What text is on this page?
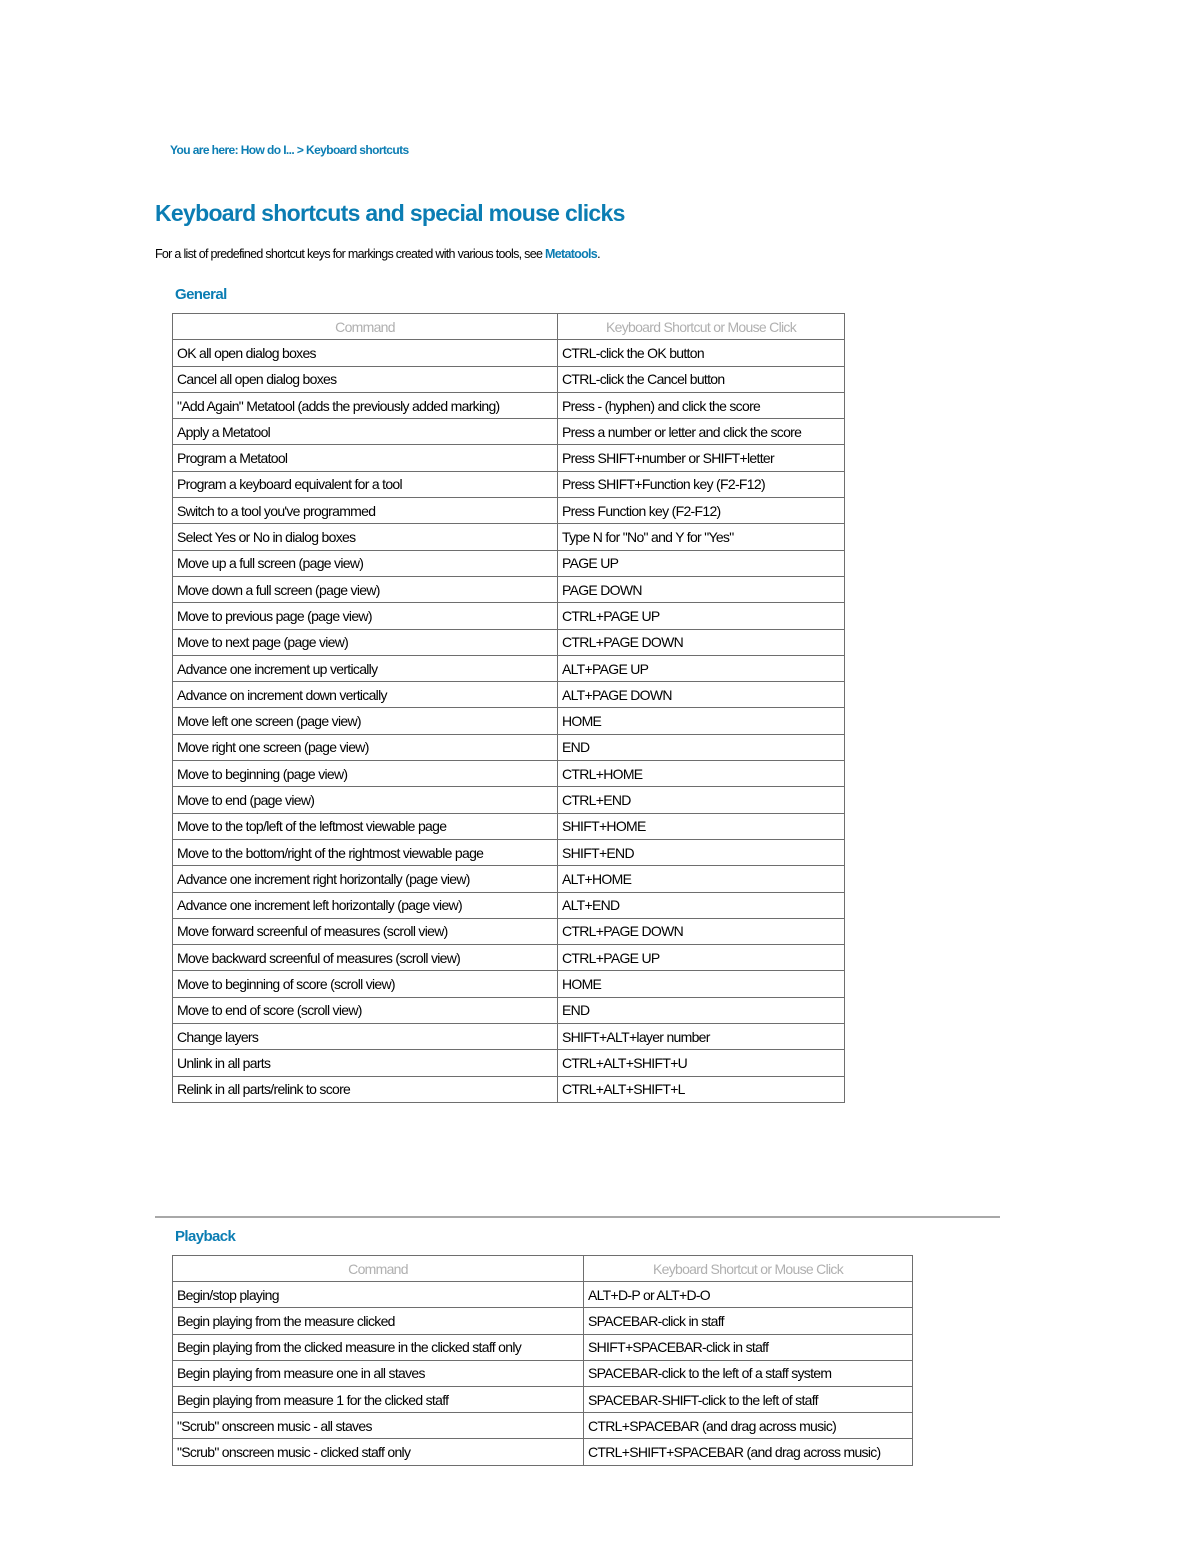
You are here: How do I... > Keyboard shortcuts
Keyboard shortcuts and special mouse clicks
For a list of predefined shortcut keys for markings created with various tools, see Metatools.
General
Command	Keyboard Shortcut or Mouse Click
OK all open dialog boxes	CTRL-click the OK button
Cancel all open dialog boxes	CTRL-click the Cancel button
"Add Again" Metatool (adds the previously added marking)	Press - (hyphen) and click the score
Apply a Metatool	Press a number or letter and click the score
Program a Metatool	Press SHIFT+number or SHIFT+letter
Program a keyboard equivalent for a tool	Press SHIFT+Function key (F2-F12)
Switch to a tool you've programmed	Press Function key (F2-F12)
Select Yes or No in dialog boxes	Type N for "No" and Y for "Yes"
Move up a full screen (page view)	PAGE UP
Move down a full screen (page view)	PAGE DOWN
Move to previous page (page view)	CTRL+PAGE UP
Move to next page (page view)	CTRL+PAGE DOWN
Advance one increment up vertically	ALT+PAGE UP
Advance on increment down vertically	ALT+PAGE DOWN
Move left one screen (page view)	HOME
Move right one screen (page view)	END
Move to beginning (page view)	CTRL+HOME
Move to end (page view)	CTRL+END
Move to the top/left of the leftmost viewable page	SHIFT+HOME
Move to the bottom/right of the rightmost viewable page	SHIFT+END
Advance one increment right horizontally (page view)	ALT+HOME
Advance one increment left horizontally (page view)	ALT+END
Move forward screenful of measures (scroll view)	CTRL+PAGE DOWN
Move backward screenful of measures (scroll view)	CTRL+PAGE UP
Move to beginning of score (scroll view)	HOME
Move to end of score (scroll view)	END
Change layers	SHIFT+ALT+layer number
Unlink in all parts	CTRL+ALT+SHIFT+U
Relink in all parts/relink to score	CTRL+ALT+SHIFT+L
Playback
Command	Keyboard Shortcut or Mouse Click
Begin/stop playing	ALT+D-P or ALT+D-O
Begin playing from the measure clicked	SPACEBAR-click in staff
Begin playing from the clicked measure in the clicked staff only	SHIFT+SPACEBAR-click in staff
Begin playing from measure one in all staves	SPACEBAR-click to the left of a staff system
Begin playing from measure 1 for the clicked staff	SPACEBAR-SHIFT-click to the left of staff
"Scrub" onscreen music - all staves	CTRL+SPACEBAR (and drag across music)
"Scrub" onscreen music - clicked staff only	CTRL+SHIFT+SPACEBAR (and drag across music)
